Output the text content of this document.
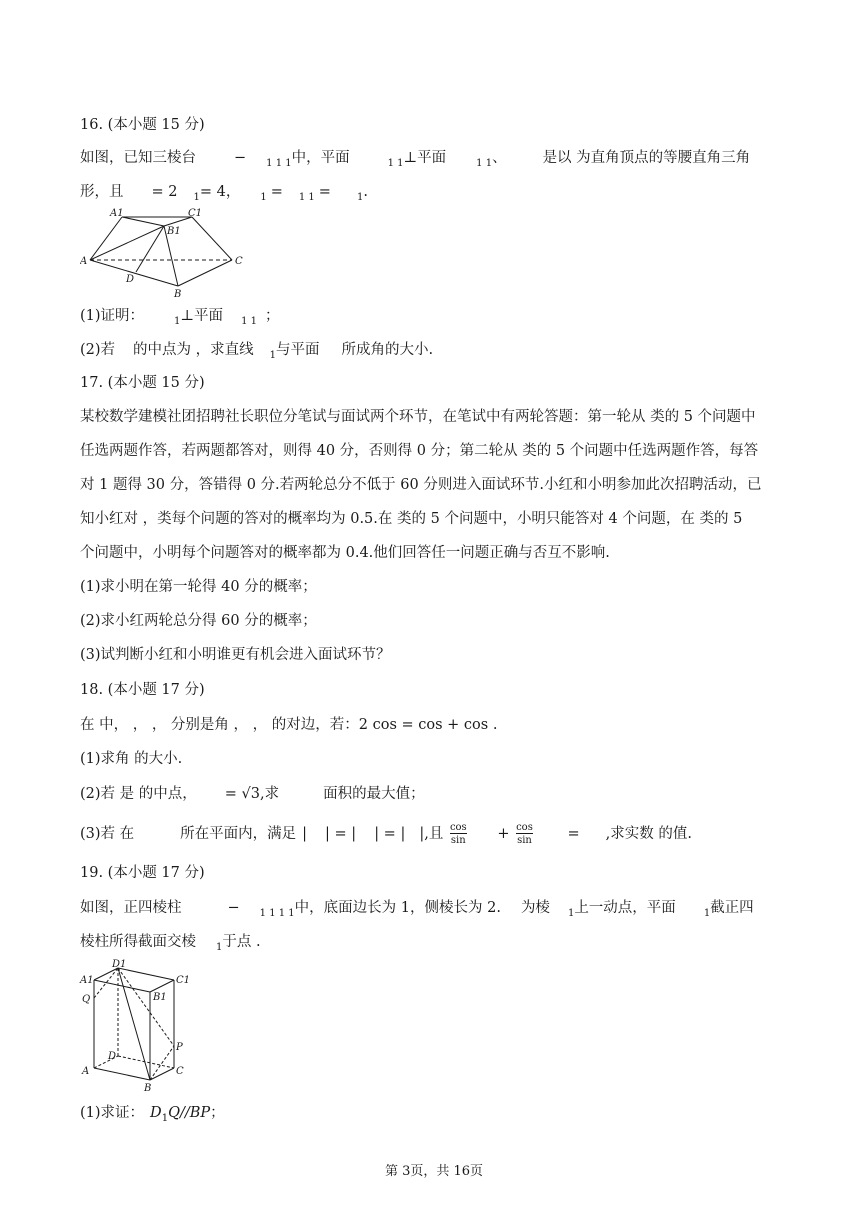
16. (本小题 15 分)
如图，已知三棱台	− $_{1 1 1}$中，平面	$_{1 1}$⊥平面	$_{1 1}$、 是以 为直角顶点的等腰直角三角
形，且 = 2 $_1$= 4， $_1$ = $_{1 1}$ =	$_1$.
A1	C1
B1
A	C
D
B
(1)证明：	$_1$⊥平面 $_{1 1}$ ；
(2)若 的中点为 ，求直线 $_1$与平面 所成角的大小.
17. (本小题 15 分)
某校数学建模社团招聘社长职位分笔试与面试两个环节，在笔试中有两轮答题：第一轮从 类的 5 个问题中
任选两题作答，若两题都答对，则得 40 分，否则得 0 分；第二轮从 类的 5 个问题中任选两题作答，每答
对 1 题得 30 分，答错得 0 分.若两轮总分不低于 60 分则进入面试环节.小红和小明参加此次招聘活动，已
知小红对 ，类每个问题的答对的概率均为 0.5.在 类的 5 个问题中，小明只能答对 4 个问题，在 类的 5
个问题中，小明每个问题答对的概率都为 0.4.他们回答任一问题正确与否互不影响.
(1)求小明在第一轮得 40 分的概率；
(2)求小红两轮总分得 60 分的概率；
(3)试判断小红和小明谁更有机会进入面试环节？
18. (本小题 17 分)
在 中， ， ， 分别是角 ， ， 的对边，若：2 cos = cos + cos .
(1)求角 的大小.
(2)若 是 的中点， = √3,求	面积的最大值；
(3)若 在	所在平面内，满足 | | = | | = | |,且 $\frac{\cos}{\sin} + \frac{\cos}{\sin}$ = ,求实数 的值.
19. (本小题 17 分)
如图，正四棱柱	− $_{1 1 1 1}$中，底面边长为 1，侧棱长为 2. 为棱 $_1$上一动点，平面	$_1$截正四
棱柱所得截面交棱 $_1$于点 .
D1
A1	C1
Q	B1
P
D
A	C
B
(1)求证： $D_1Q//BP$；
第 3页，共 16页
